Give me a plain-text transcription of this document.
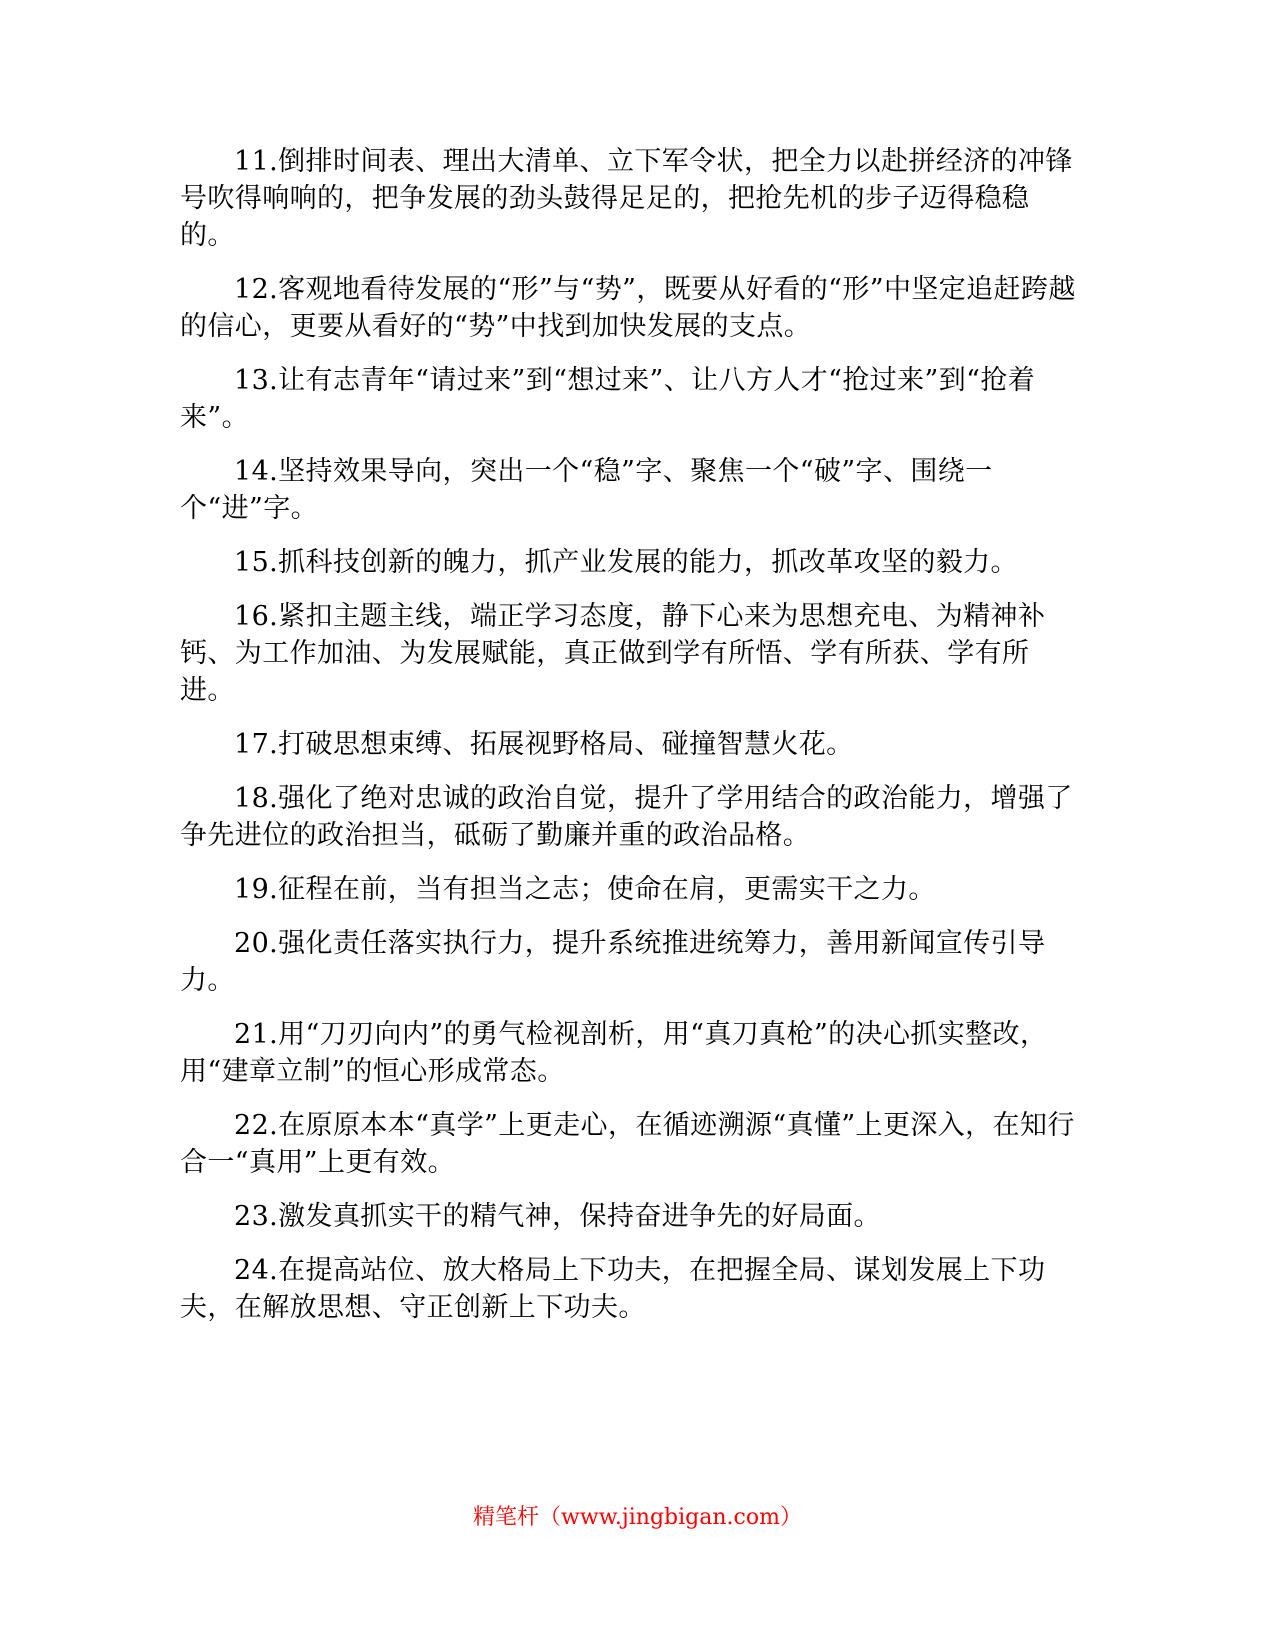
11.倒排时间表、理出大清单、立下军令状，把全力以赴拼经济的冲锋号吹得响响的，把争发展的劲头鼓得足足的，把抢先机的步子迈得稳稳的。

12.客观地看待发展的“形”与“势”，既要从好看的“形”中坚定追赶跨越的信心，更要从看好的“势”中找到加快发展的支点。

13.让有志青年“请过来”到“想过来”、让八方人才“抢过来”到“抢着来”。

14.坚持效果导向，突出一个“稳”字、聚焦一个“破”字、围绕一个“进”字。

15.抓科技创新的魄力，抓产业发展的能力，抓改革攻坚的毅力。

16.紧扣主题主线，端正学习态度，静下心来为思想充电、为精神补钙、为工作加油、为发展赋能，真正做到学有所悟、学有所获、学有所进。

17.打破思想束缚、拓展视野格局、碰撞智慧火花。

18.强化了绝对忠诚的政治自觉，提升了学用结合的政治能力，增强了争先进位的政治担当，砥砺了勤廉并重的政治品格。

19.征程在前，当有担当之志；使命在肩，更需实干之力。

20.强化责任落实执行力，提升系统推进统筹力，善用新闻宣传引导力。

21.用“刀刃向内”的勇气检视剖析，用“真刀真枪”的决心抓实整改，用“建章立制”的恒心形成常态。

22.在原原本本“真学”上更走心，在循迹溯源“真懂”上更深入，在知行合一“真用”上更有效。

23.激发真抓实干的精气神，保持奋进争先的好局面。

24.在提高站位、放大格局上下功夫，在把握全局、谋划发展上下功夫，在解放思想、守正创新上下功夫。

精笔杆（www.jingbigan.com）
